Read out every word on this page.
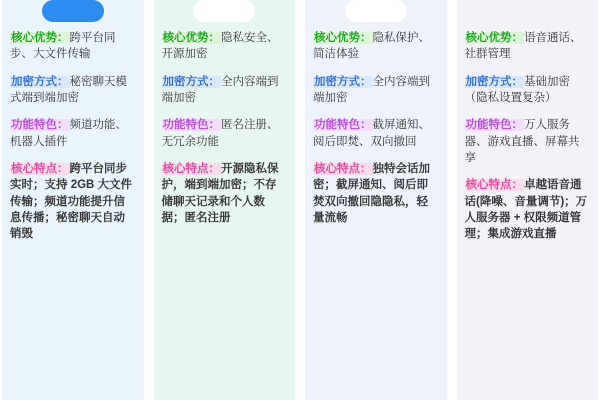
核心优势：跨平台同步、大文件传输
加密方式：秘密聊天模式端到端加密
功能特色：频道功能、机器人插件
核心特点：跨平台同步实时；支持 2GB 大文件传输；频道功能提升信息传播；秘密聊天自动销毁
核心优势：隐私安全、开源加密
加密方式：全内容端到端加密
功能特色：匿名注册、无冗余功能
核心特点：开源隐私保护，端到端加密；不存储聊天记录和个人数据；匿名注册
核心优势：隐私保护、简洁体验
加密方式：全内容端到端加密
功能特色：截屏通知、阅后即焚、双向撤回
核心特点：独特会话加密；截屏通知、阅后即焚双向撤回隐隐私，轻量流畅
核心优势：语音通话、社群管理
加密方式：基础加密（隐私设置复杂）
功能特色：万人服务器、游戏直播、屏幕共享
核心特点：卓越语音通话(降噪、音量调节)；万人服务器 + 权限频道管理；集成游戏直播
